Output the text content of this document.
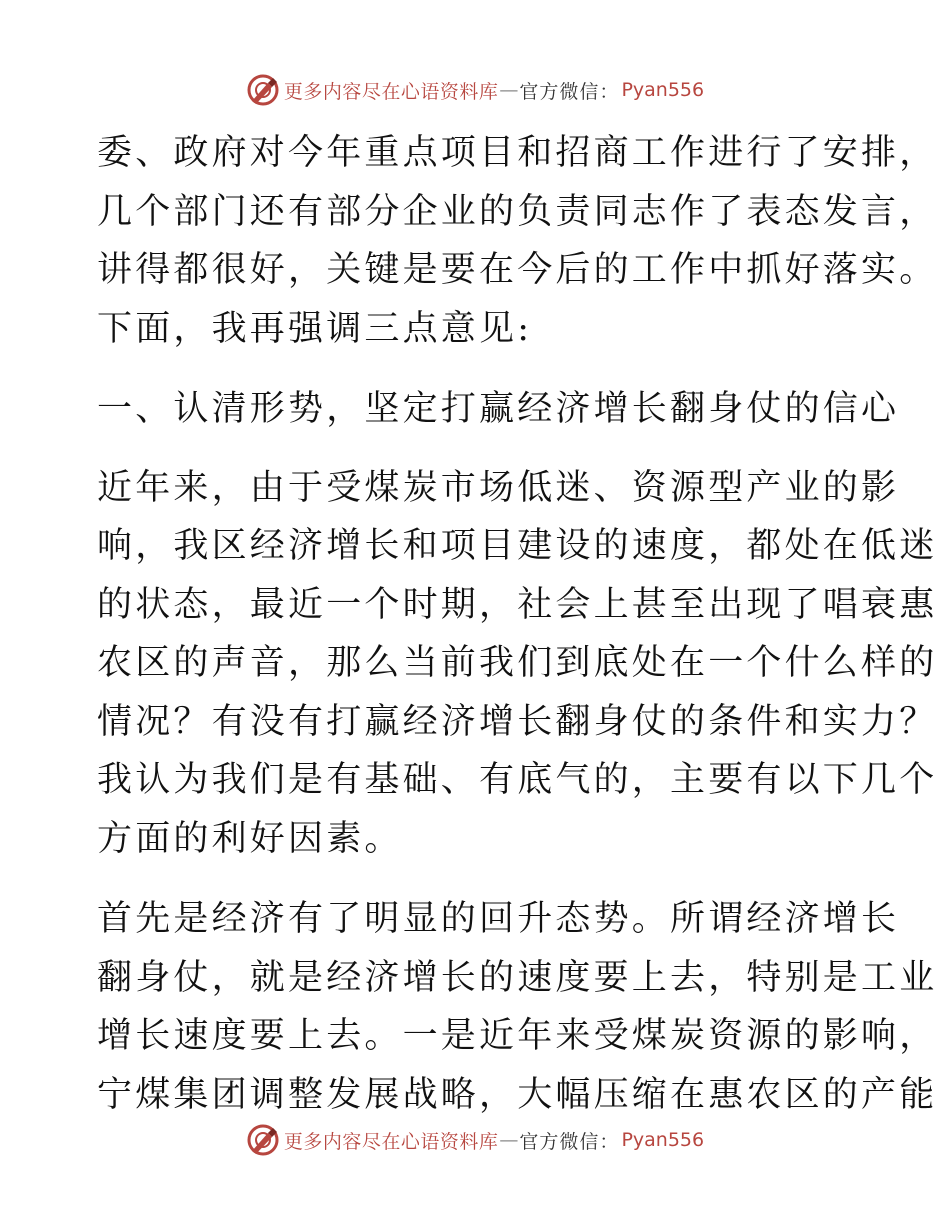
更多内容尽在心语资料库 — 官方微信： Pyan556

委、政府对今年重点项目和招商工作进行了安排，
几个部门还有部分企业的负责同志作了表态发言，
讲得都很好，关键是要在今后的工作中抓好落实。
下面，我再强调三点意见:

一、认清形势，坚定打赢经济增长翻身仗的信心

近年来，由于受煤炭市场低迷、资源型产业的影
响，我区经济增长和项目建设的速度，都处在低迷
的状态，最近一个时期，社会上甚至出现了唱衰惠
农区的声音，那么当前我们到底处在一个什么样的
情况？有没有打赢经济增长翻身仗的条件和实力？
我认为我们是有基础、有底气的，主要有以下几个
方面的利好因素。

首先是经济有了明显的回升态势。所谓经济增长
翻身仗，就是经济增长的速度要上去，特别是工业
增长速度要上去。一是近年来受煤炭资源的影响，
宁煤集团调整发展战略，大幅压缩在惠农区的产能

更多内容尽在心语资料库 — 官方微信： Pyan556
